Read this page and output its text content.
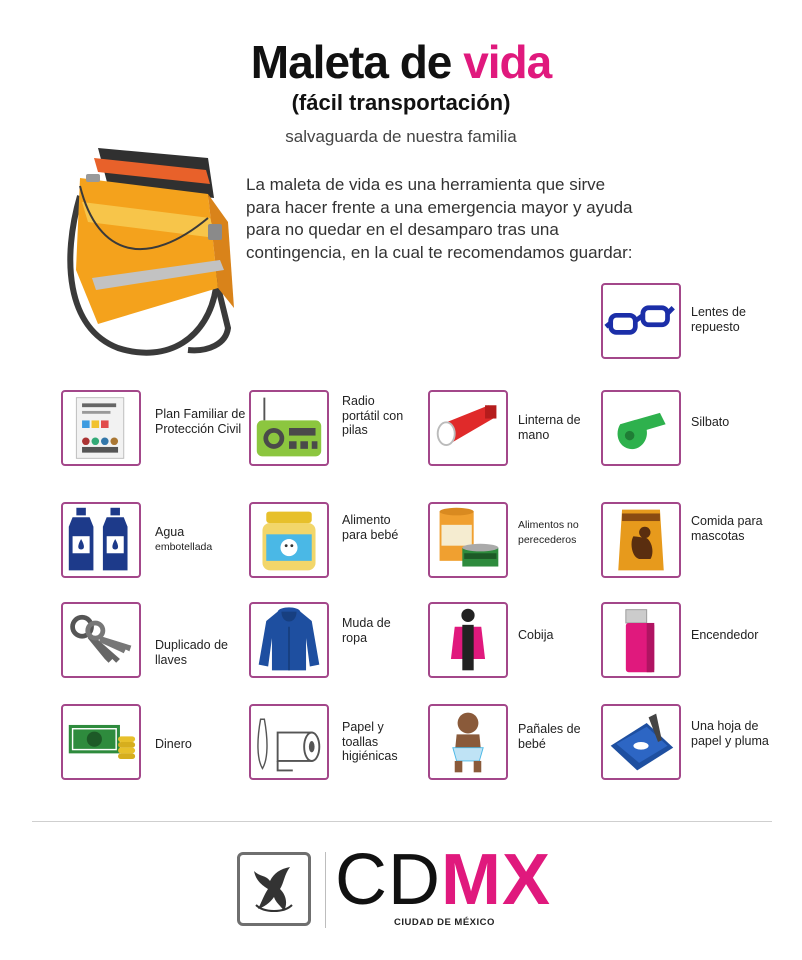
Maleta de vida
(fácil transportación)
salvaguarda de nuestra familia
La maleta de vida es una herramienta que sirve para hacer frente a una emergencia mayor y ayuda para no quedar en el desamparo tras una contingencia, en la cual te recomendamos guardar:
Lentes de repuesto
Plan Familiar de Protección Civil
Radio portátil con pilas
Linterna de mano
Silbato
Agua
embotellada
Alimento para bebé
Alimentos no perecederos
Comida para mascotas
Duplicado de llaves
Muda de ropa	Cobija	Encendedor
Dinero
Papel y toallas higiénicas
Pañales de bebé
Una hoja de papel y pluma
CDMX
CIUDAD DE MÉXICO
